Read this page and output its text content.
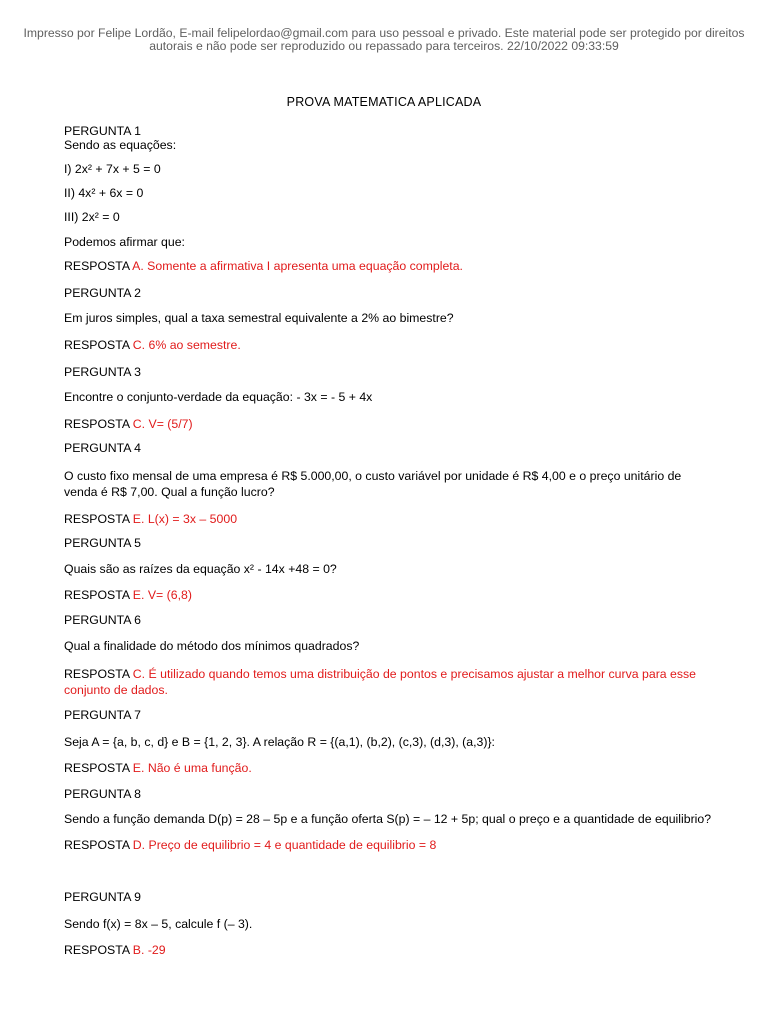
Impresso por Felipe Lordão, E-mail felipelordao@gmail.com para uso pessoal e privado. Este material pode ser protegido por direitos
autorais e não pode ser reproduzido ou repassado para terceiros. 22/10/2022 09:33:59
PROVA MATEMATICA APLICADA
PERGUNTA 1
Sendo as equações:
I) 2x² + 7x + 5 = 0
II) 4x² + 6x = 0
III) 2x² = 0
Podemos afirmar que:
RESPOSTA A. Somente a afirmativa I apresenta uma equação completa.
PERGUNTA 2
Em juros simples, qual a taxa semestral equivalente a 2% ao bimestre?
RESPOSTA C. 6% ao semestre.
PERGUNTA 3
Encontre o conjunto-verdade da equação: - 3x = - 5 + 4x
RESPOSTA C. V= (5/7)
PERGUNTA 4
O custo fixo mensal de uma empresa é R$ 5.000,00, o custo variável por unidade é R$ 4,00 e o preço unitário de
venda é R$ 7,00. Qual a função lucro?
RESPOSTA E. L(x) = 3x – 5000
PERGUNTA 5
Quais são as raízes da equação x² - 14x +48 = 0?
RESPOSTA E. V= (6,8)
PERGUNTA 6
Qual a finalidade do método dos mínimos quadrados?
RESPOSTA C. É utilizado quando temos uma distribuição de pontos e precisamos ajustar a melhor curva para esse
conjunto de dados.
PERGUNTA 7
Seja A = {a, b, c, d} e B = {1, 2, 3}. A relação R = {(a,1), (b,2), (c,3), (d,3), (a,3)}:
RESPOSTA E. Não é uma função.
PERGUNTA 8
Sendo a função demanda D(p) = 28 – 5p e a função oferta S(p) = – 12 + 5p; qual o preço e a quantidade de equilibrio?
RESPOSTA D. Preço de equilibrio = 4 e quantidade de equilibrio = 8
PERGUNTA 9
Sendo f(x) = 8x – 5, calcule f (– 3).
RESPOSTA B. -29
